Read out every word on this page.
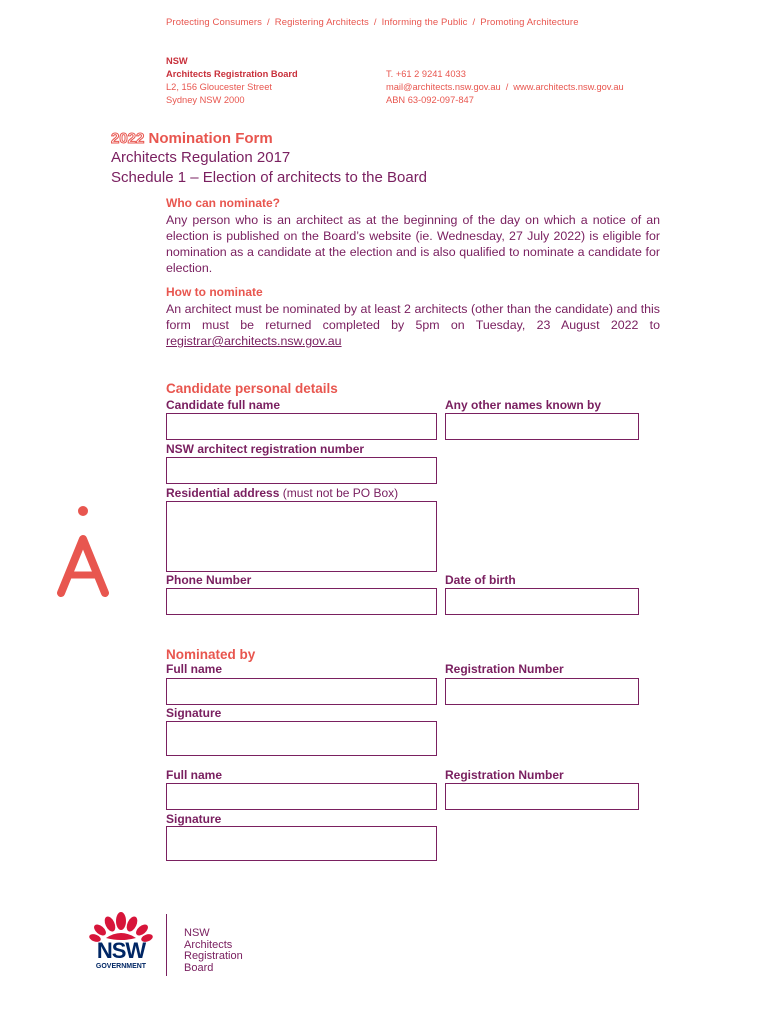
Protecting Consumers / Registering Architects / Informing the Public / Promoting Architecture
NSW
Architects Registration Board
L2, 156 Gloucester Street
Sydney NSW 2000
T. +61 2 9241 4033
mail@architects.nsw.gov.au / www.architects.nsw.gov.au
ABN 63-092-097-847
2022 Nomination Form
Architects Regulation 2017
Schedule 1 – Election of architects to the Board
Who can nominate?
Any person who is an architect as at the beginning of the day on which a notice of an election is published on the Board’s website (ie. Wednesday, 27 July 2022) is eligible for nomination as a candidate at the election and is also qualified to nominate a candidate for election.
How to nominate
An architect must be nominated by at least 2 architects (other than the candidate) and this form must be returned completed by 5pm on Tuesday, 23 August 2022 to registrar@architects.nsw.gov.au
Candidate personal details
Candidate full name	Any other names known by
NSW architect registration number
Residential address (must not be PO Box)
Phone Number	Date of birth
Nominated by
Full name	Registration Number
Signature
Full name	Registration Number
Signature
NSW
GOVERNMENT
NSW
Architects
Registration
Board
